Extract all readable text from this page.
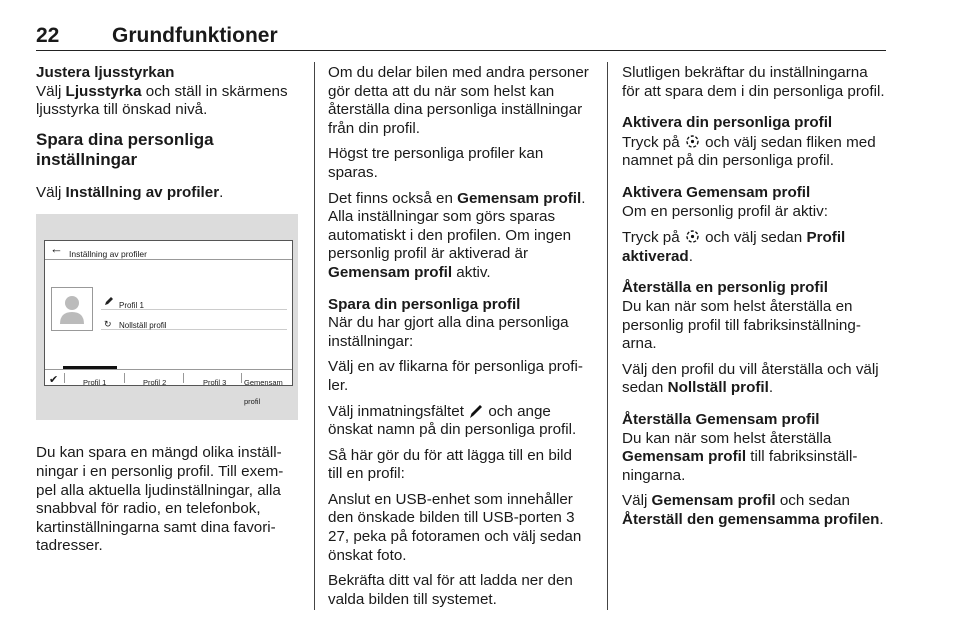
22	Grundfunktioner

Justera ljusstyrkan

Välj Ljusstyrka och ställ in skärmens ljusstyrka till önskad nivå.

Spara dina personliga inställningar

Välj Inställning av profiler.

← Inställning av profiler
Profil 1
↻ Nollställ profil
✔	Profil 1	Profil 2	Profil 3 Gemensam profil

Du kan spara en mängd olika inställ-ningar i en personlig profil. Till exem-pel alla aktuella ljudinställningar, alla snabbval för radio, en telefonbok, kartinställningarna samt dina favori-tadresser.

Om du delar bilen med andra personer gör detta att du när som helst kan återställa dina personliga inställningar från din profil.

Högst tre personliga profiler kan sparas.

Det finns också en Gemensam profil. Alla inställningar som görs sparas automatiskt i den profilen. Om ingen personlig profil är aktiverad är Gemensam profil aktiv.

Spara din personliga profil

När du har gjort alla dina personliga inställningar:

Välj en av flikarna för personliga profi-ler.

Välj inmatningsfältet  och ange önskat namn på din personliga profil.

Så här gör du för att lägga till en bild till en profil:

Anslut en USB-enhet som innehåller den önskade bilden till USB-porten 3 27, peka på fotoramen och välj sedan önskat foto.

Bekräfta ditt val för att ladda ner den valda bilden till systemet.

Slutligen bekräftar du inställningarna för att spara dem i din personliga profil.

Aktivera din personliga profil

Tryck på  och välj sedan fliken med namnet på din personliga profil.

Aktivera Gemensam profil

Om en personlig profil är aktiv:

Tryck på  och välj sedan Profil aktiverad.

Återställa en personlig profil

Du kan när som helst återställa en personlig profil till fabriksinställning-arna.

Välj den profil du vill återställa och välj sedan Nollställ profil.

Återställa Gemensam profil

Du kan när som helst återställa Gemensam profil till fabriksinställ-ningarna.

Välj Gemensam profil och sedan Återställ den gemensamma profilen.
